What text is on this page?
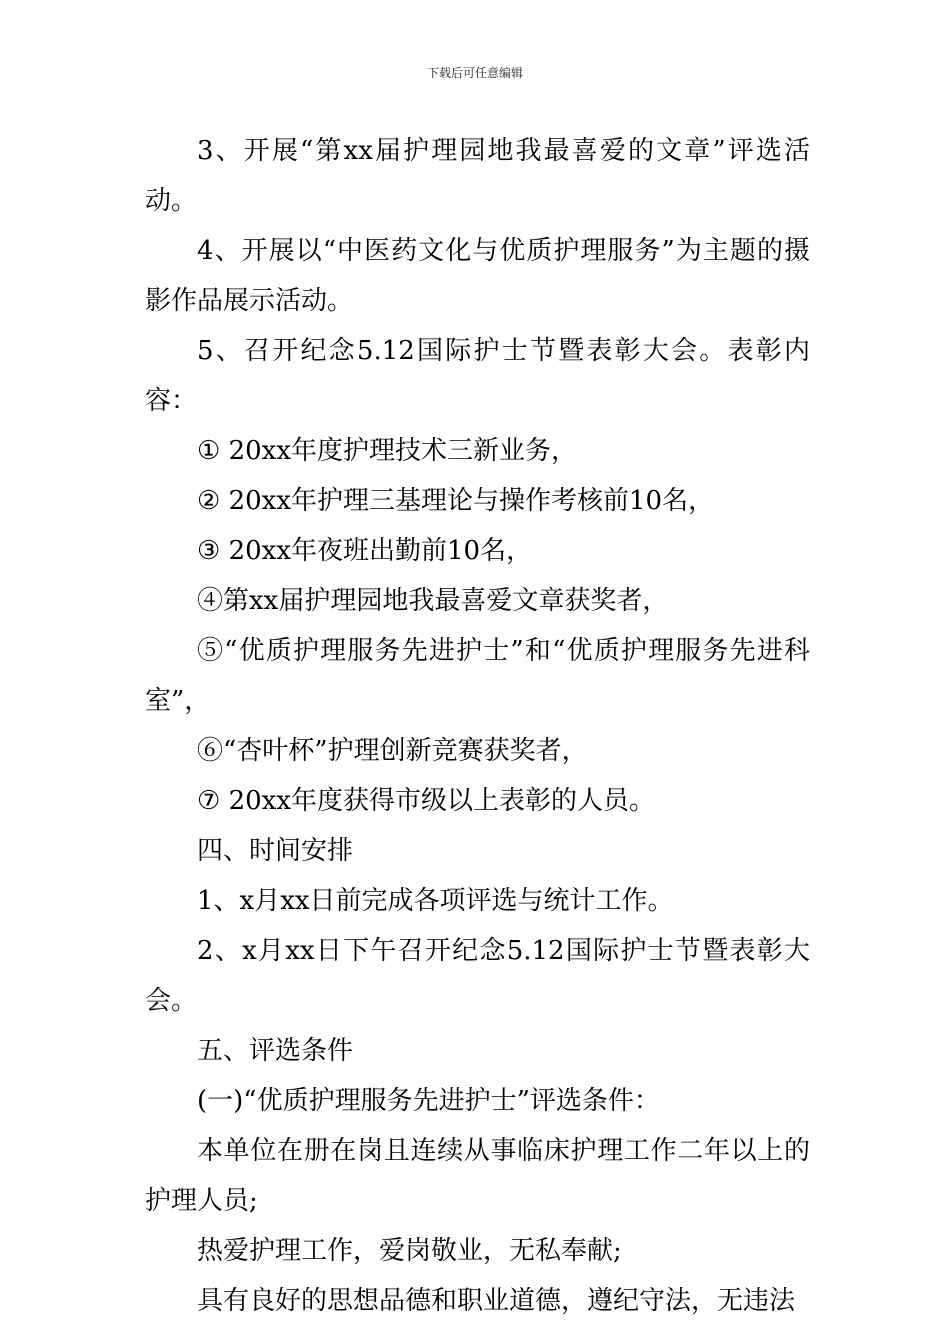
下载后可任意编辑

3、开展“第xx届护理园地我最喜爱的文章”评选活动。

4、开展以“中医药文化与优质护理服务”为主题的摄影作品展示活动。

5、召开纪念5.12国际护士节暨表彰大会。表彰内容：

① 20xx年度护理技术三新业务，

② 20xx年护理三基理论与操作考核前10名，

③ 20xx年夜班出勤前10名，

④第xx届护理园地我最喜爱文章获奖者，

⑤“优质护理服务先进护士”和“优质护理服务先进科室”，

⑥“杏叶杯”护理创新竞赛获奖者，

⑦ 20xx年度获得市级以上表彰的人员。

四、时间安排

1、x月xx日前完成各项评选与统计工作。

2、x月xx日下午召开纪念5.12国际护士节暨表彰大会。

五、评选条件

(一)“优质护理服务先进护士”评选条件：

本单位在册在岗且连续从事临床护理工作二年以上的护理人员;

热爱护理工作，爱岗敬业，无私奉献;

具有良好的思想品德和职业道德，遵纪守法，无违法
